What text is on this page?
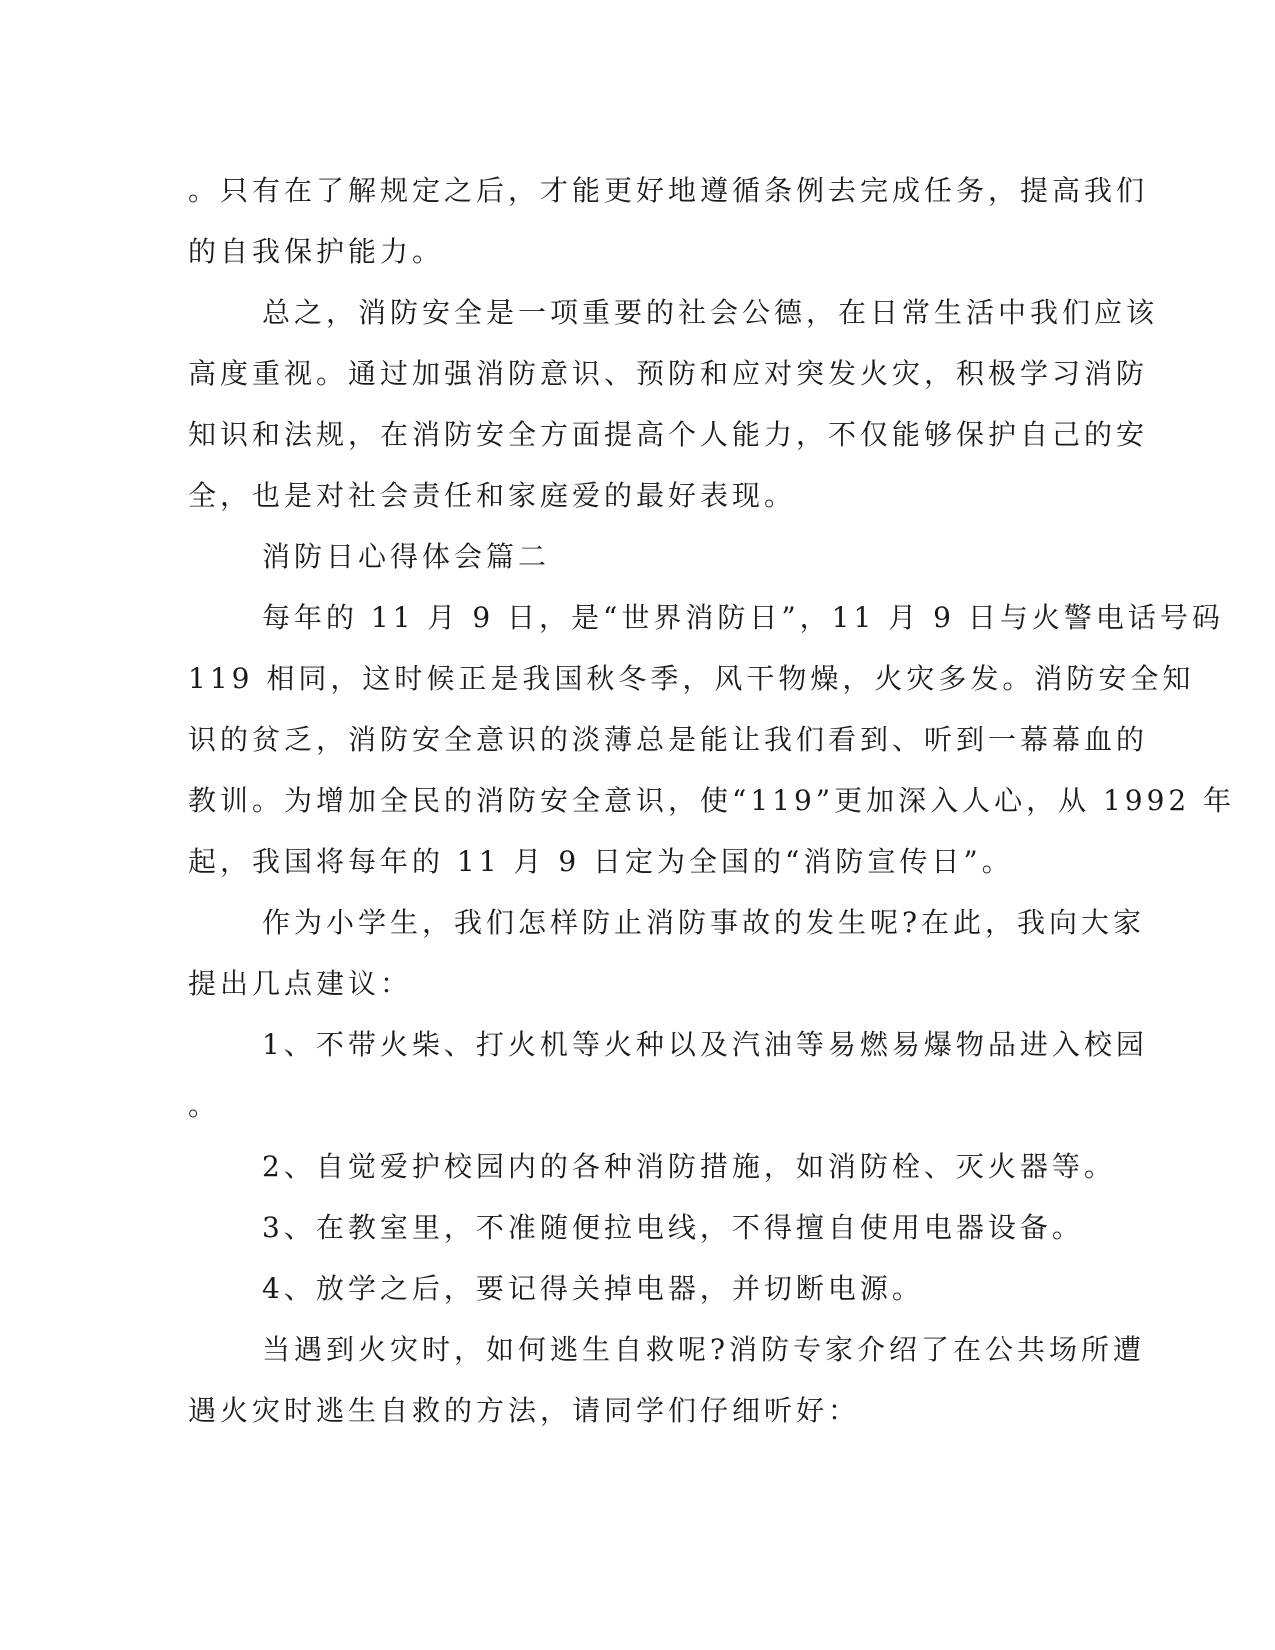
。只有在了解规定之后，才能更好地遵循条例去完成任务，提高我们
的自我保护能力。
总之，消防安全是一项重要的社会公德，在日常生活中我们应该
高度重视。通过加强消防意识、预防和应对突发火灾，积极学习消防
知识和法规，在消防安全方面提高个人能力，不仅能够保护自己的安
全，也是对社会责任和家庭爱的最好表现。
消防日心得体会篇二
每年的 11 月 9 日，是“世界消防日”，11 月 9 日与火警电话号码
119 相同，这时候正是我国秋冬季，风干物燥，火灾多发。消防安全知
识的贫乏，消防安全意识的淡薄总是能让我们看到、听到一幕幕血的
教训。为增加全民的消防安全意识，使“119”更加深入人心，从 1992 年
起，我国将每年的 11 月 9 日定为全国的“消防宣传日”。
作为小学生，我们怎样防止消防事故的发生呢?在此，我向大家
提出几点建议：
1、不带火柴、打火机等火种以及汽油等易燃易爆物品进入校园
。
2、自觉爱护校园内的各种消防措施，如消防栓、灭火器等。
3、在教室里，不准随便拉电线，不得擅自使用电器设备。
4、放学之后，要记得关掉电器，并切断电源。
当遇到火灾时，如何逃生自救呢?消防专家介绍了在公共场所遭
遇火灾时逃生自救的方法，请同学们仔细听好：
